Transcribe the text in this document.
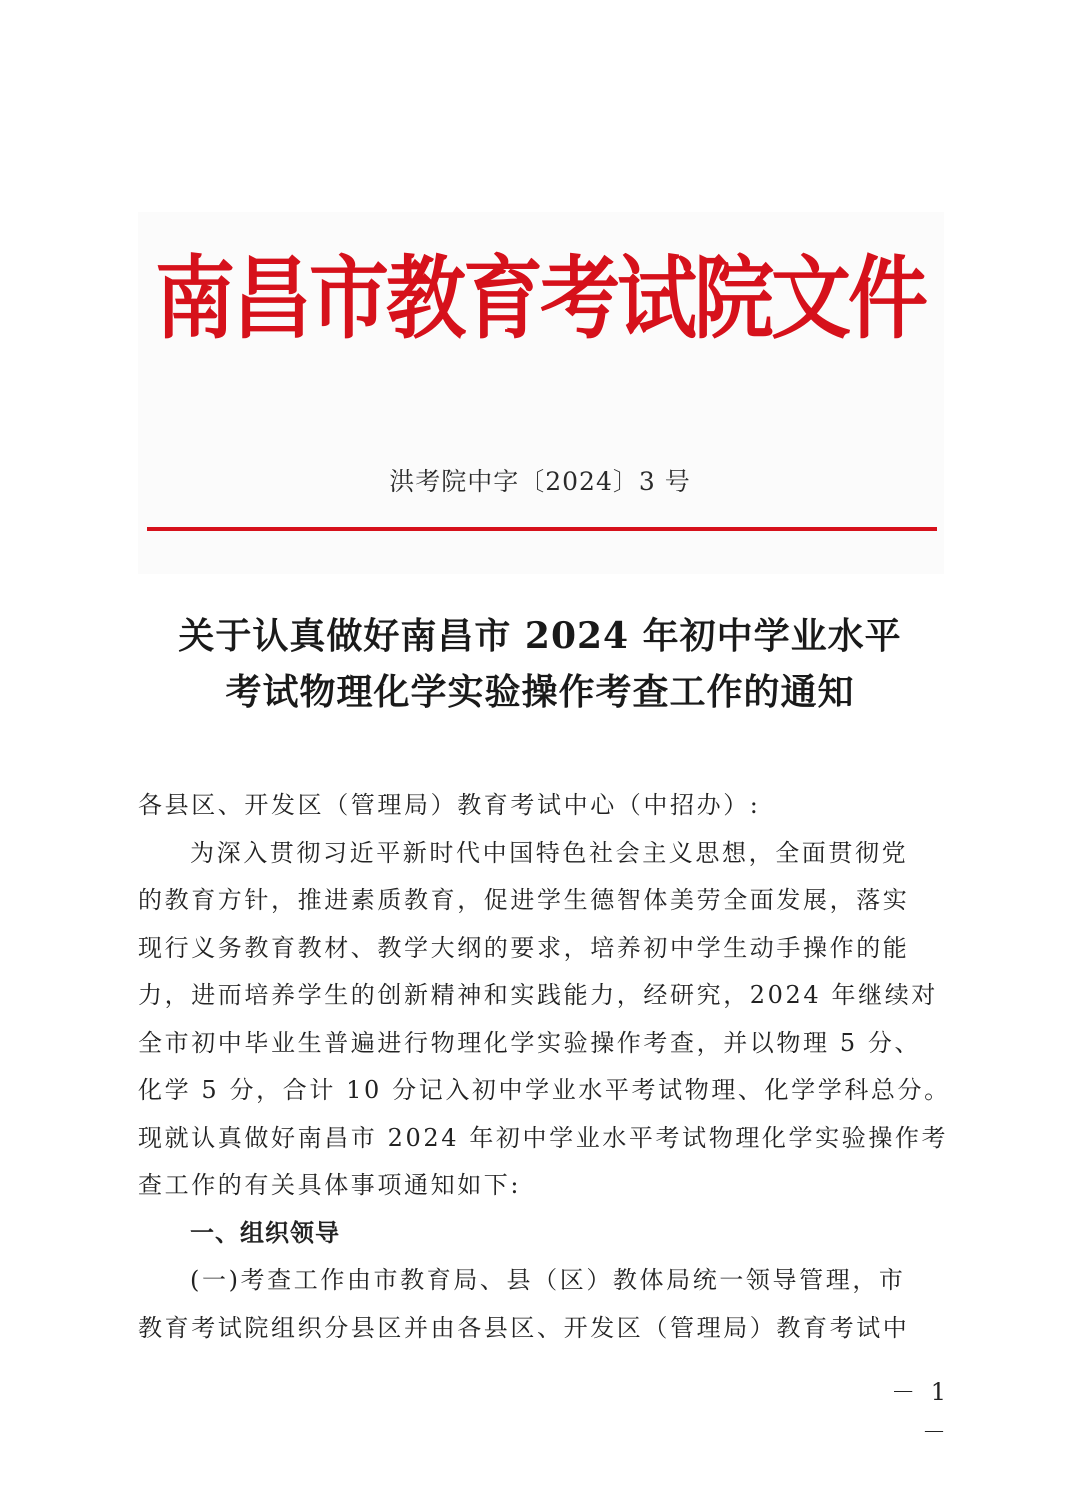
南昌市教育考试院文件
洪考院中字〔2024〕3 号
关于认真做好南昌市 2024 年初中学业水平
考试物理化学实验操作考查工作的通知
各县区、开发区（管理局）教育考试中心（中招办）:
为深入贯彻习近平新时代中国特色社会主义思想，全面贯彻党
的教育方针，推进素质教育，促进学生德智体美劳全面发展，落实
现行义务教育教材、教学大纲的要求，培养初中学生动手操作的能
力，进而培养学生的创新精神和实践能力，经研究，2024 年继续对
全市初中毕业生普遍进行物理化学实验操作考查，并以物理 5 分、
化学 5 分，合计 10 分记入初中学业水平考试物理、化学学科总分。
现就认真做好南昌市 2024 年初中学业水平考试物理化学实验操作考
查工作的有关具体事项通知如下:
一、组织领导
(一)考查工作由市教育局、县（区）教体局统一领导管理，市
教育考试院组织分县区并由各县区、开发区（管理局）教育考试中
－ 1 －
